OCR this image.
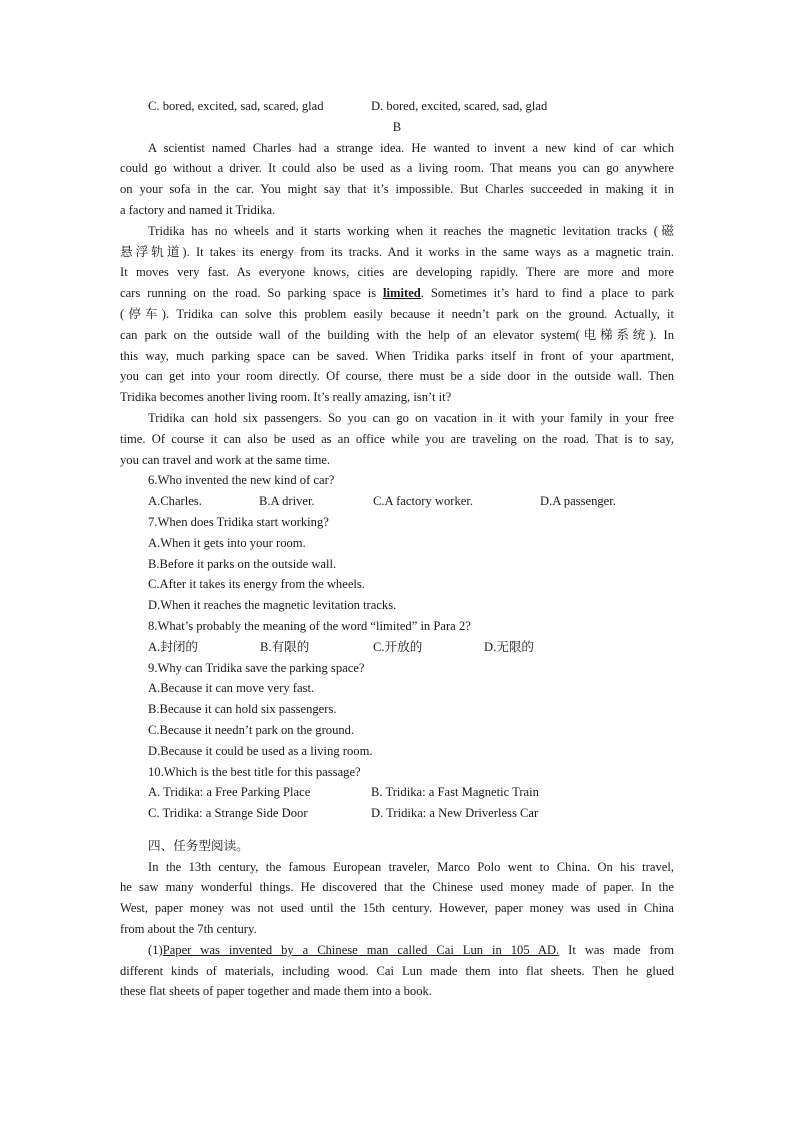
C. bored, excited, sad, scared, glad	D. bored, excited, scared, sad, glad
B
A scientist named Charles had a strange idea. He wanted to invent a new kind of car which
could go without a driver. It could also be used as a living room. That means you can go anywhere
on your sofa in the car. You might say that it’s impossible. But Charles succeeded in making it in
a factory and named it Tridika.
Tridika has no wheels and it starts working when it reaches the magnetic levitation tracks (磁
悬浮轨道). It takes its energy from its tracks. And it works in the same ways as a magnetic train.
It moves very fast. As everyone knows, cities are developing rapidly. There are more and more
cars running on the road. So parking space is limited. Sometimes it’s hard to find a place to park
(停车). Tridika can solve this problem easily because it needn’t park on the ground. Actually, it
can park on the outside wall of the building with the help of an elevator system(电梯系统). In
this way, much parking space can be saved. When Tridika parks itself in front of your apartment,
you can get into your room directly. Of course, there must be a side door in the outside wall. Then
Tridika becomes another living room. It’s really amazing, isn’t it?
Tridika can hold six passengers. So you can go on vacation in it with your family in your free
time. Of course it can also be used as an office while you are traveling on the road. That is to say,
you can travel and work at the same time.
6.Who invented the new kind of car?
A.Charles.	B.A driver.	C.A factory worker.	D.A passenger.
7.When does Tridika start working?
A.When it gets into your room.
B.Before it parks on the outside wall.
C.After it takes its energy from the wheels.
D.When it reaches the magnetic levitation tracks.
8.What’s probably the meaning of the word “limited” in Para 2?
A.封闭的	B.有限的	C.开放的	D.无限的
9.Why can Tridika save the parking space?
A.Because it can move very fast.
B.Because it can hold six passengers.
C.Because it needn’t park on the ground.
D.Because it could be used as a living room.
10.Which is the best title for this passage?
A. Tridika: a Free Parking Place	B. Tridika: a Fast Magnetic Train
C. Tridika: a Strange Side Door	D. Tridika: a New Driverless Car
四、任务型阅读。
In the 13th century, the famous European traveler, Marco Polo went to China. On his travel,
he saw many wonderful things. He discovered that the Chinese used money made of paper. In the
West, paper money was not used until the 15th century. However, paper money was used in China
from about the 7th century.
(1)Paper was invented by a Chinese man called Cai Lun in 105 AD. It was made from
different kinds of materials, including wood. Cai Lun made them into flat sheets. Then he glued
these flat sheets of paper together and made them into a book.
